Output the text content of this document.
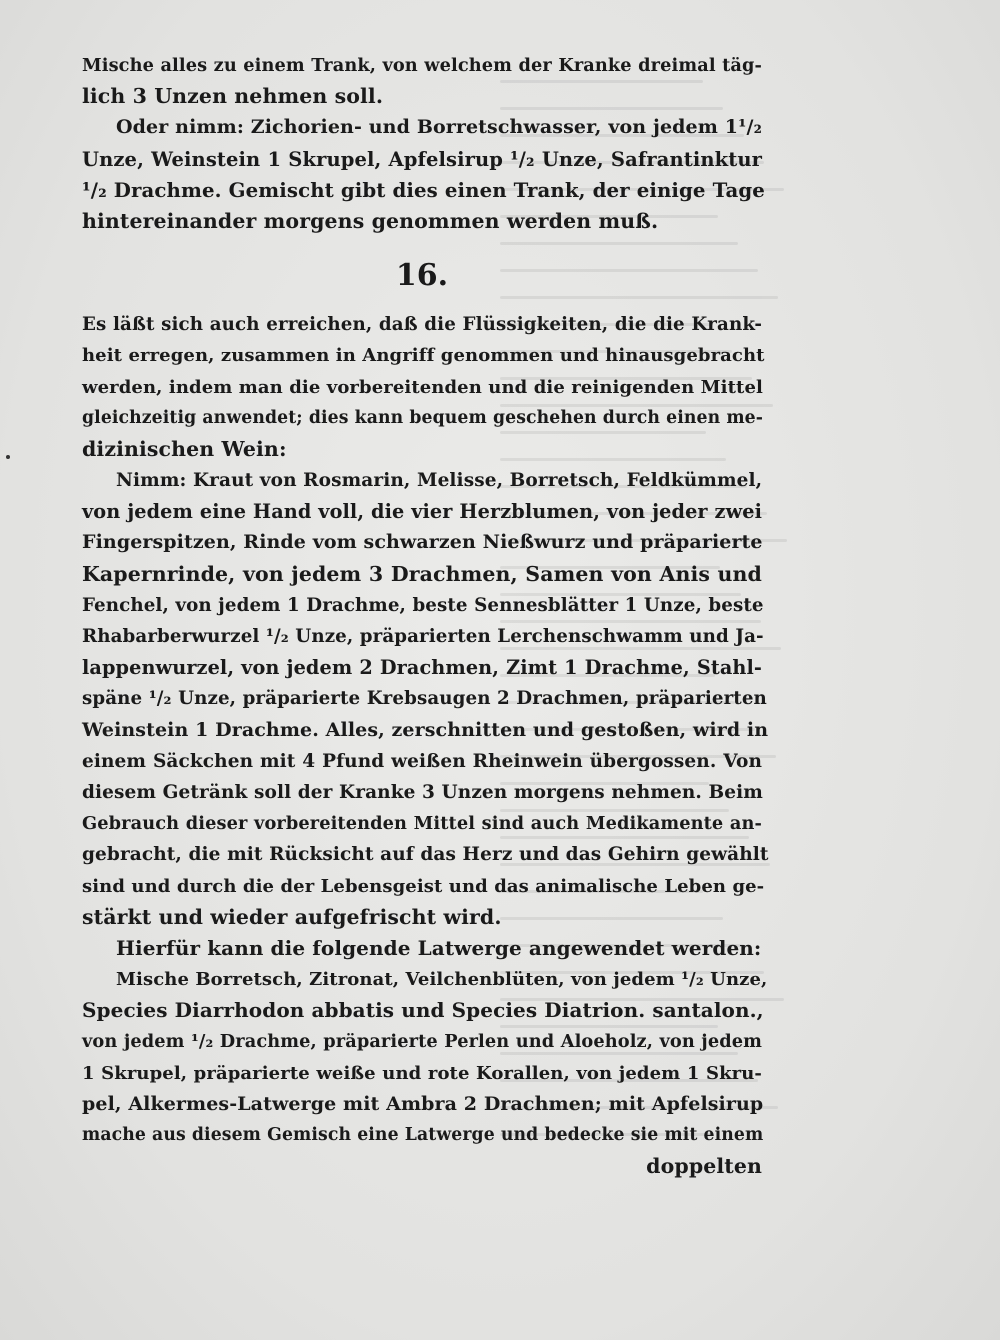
Mische alles zu einem Trank, von welchem der Kranke dreimal täg-
lich 3 Unzen nehmen soll.
Oder nimm: Zichorien- und Borretschwasser, von jedem 1¹/₂
Unze, Weinstein 1 Skrupel, Apfelsirup ¹/₂ Unze, Safrantinktur
¹/₂ Drachme. Gemischt gibt dies einen Trank, der einige Tage
hintereinander morgens genommen werden muß.
16.
Es läßt sich auch erreichen, daß die Flüssigkeiten, die die Krank-
heit erregen, zusammen in Angriff genommen und hinausgebracht
werden, indem man die vorbereitenden und die reinigenden Mittel
gleichzeitig anwendet; dies kann bequem geschehen durch einen me-
dizinischen Wein:
Nimm: Kraut von Rosmarin, Melisse, Borretsch, Feldkümmel,
von jedem eine Hand voll, die vier Herzblumen, von jeder zwei
Fingerspitzen, Rinde vom schwarzen Nießwurz und präparierte
Kapernrinde, von jedem 3 Drachmen, Samen von Anis und
Fenchel, von jedem 1 Drachme, beste Sennesblätter 1 Unze, beste
Rhabarberwurzel ¹/₂ Unze, präparierten Lerchenschwamm und Ja-
lappenwurzel, von jedem 2 Drachmen, Zimt 1 Drachme, Stahl-
späne ¹/₂ Unze, präparierte Krebsaugen 2 Drachmen, präparierten
Weinstein 1 Drachme. Alles, zerschnitten und gestoßen, wird in
einem Säckchen mit 4 Pfund weißen Rheinwein übergossen. Von
diesem Getränk soll der Kranke 3 Unzen morgens nehmen. Beim
Gebrauch dieser vorbereitenden Mittel sind auch Medikamente an-
gebracht, die mit Rücksicht auf das Herz und das Gehirn gewählt
sind und durch die der Lebensgeist und das animalische Leben ge-
stärkt und wieder aufgefrischt wird.
Hierfür kann die folgende Latwerge angewendet werden:
Mische Borretsch, Zitronat, Veilchenblüten, von jedem ¹/₂ Unze,
Species Diarrhodon abbatis und Species Diatrion. santalon.,
von jedem ¹/₂ Drachme, präparierte Perlen und Aloeholz, von jedem
1 Skrupel, präparierte weiße und rote Korallen, von jedem 1 Skru-
pel, Alkermes-Latwerge mit Ambra 2 Drachmen; mit Apfelsirup
mache aus diesem Gemisch eine Latwerge und bedecke sie mit einem
doppelten
